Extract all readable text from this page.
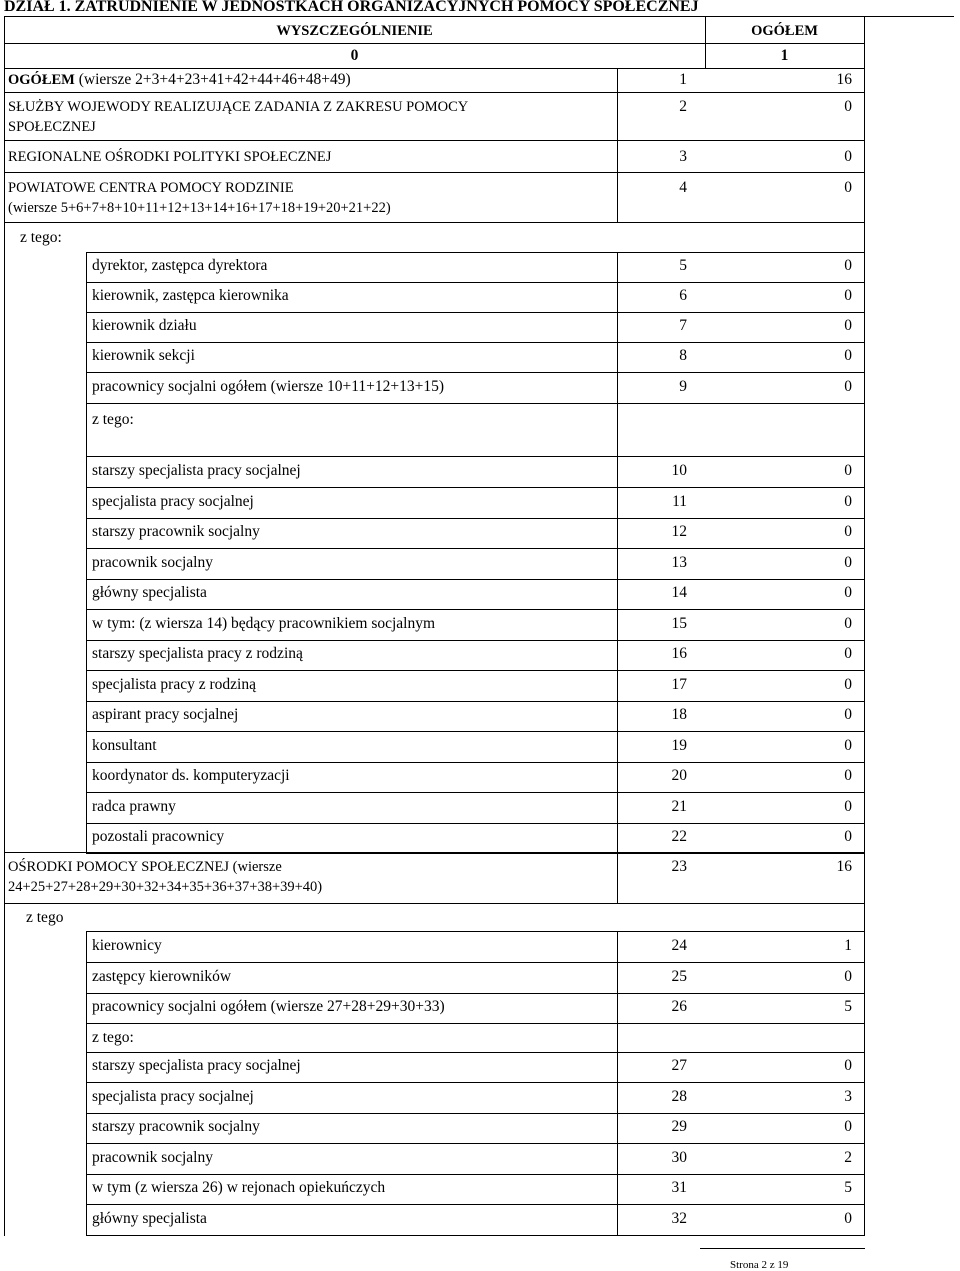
DZIAŁ 1. ZATRUDNIENIE W JEDNOSTKACH ORGANIZACYJNYCH POMOCY SPOŁECZNEJ
WYSZCZEGÓLNIENIE	OGÓŁEM
0	1
OGÓŁEM (wiersze 2+3+4+23+41+42+44+46+48+49)	1	16
SŁUŻBY WOJEWODY REALIZUJĄCE ZADANIA Z ZAKRESU POMOCY
SPOŁECZNEJ
2	0
REGIONALNE OŚRODKI POLITYKI SPOŁECZNEJ	3	0
POWIATOWE CENTRA POMOCY RODZINIE
(wiersze 5+6+7+8+10+11+12+13+14+16+17+18+19+20+21+22)
4	0
z tego:
dyrektor, zastępca dyrektora	5	0
kierownik, zastępca kierownika	6	0
kierownik działu	7	0
kierownik sekcji	8	0
pracownicy socjalni ogółem (wiersze 10+11+12+13+15)	9	0
z tego:
starszy specjalista pracy socjalnej	10	0
specjalista pracy socjalnej	11	0
starszy pracownik socjalny	12	0
pracownik socjalny	13	0
główny specjalista	14	0
w tym: (z wiersza 14) będący pracownikiem socjalnym	15	0
starszy specjalista pracy z rodziną	16	0
specjalista pracy z rodziną	17	0
aspirant pracy socjalnej	18	0
konsultant	19	0
koordynator ds. komputeryzacji	20	0
radca prawny	21	0
pozostali pracownicy	22	0
OŚRODKI POMOCY SPOŁECZNEJ (wiersze
24+25+27+28+29+30+32+34+35+36+37+38+39+40)
23	16
z tego
kierownicy	24	1
zastępcy kierowników	25	0
pracownicy socjalni ogółem (wiersze 27+28+29+30+33)	26	5
z tego:
starszy specjalista pracy socjalnej	27	0
specjalista pracy socjalnej	28	3
starszy pracownik socjalny	29	0
pracownik socjalny	30	2
w tym (z wiersza 26) w rejonach opiekuńczych	31	5
główny specjalista	32	0
Strona 2 z 19
